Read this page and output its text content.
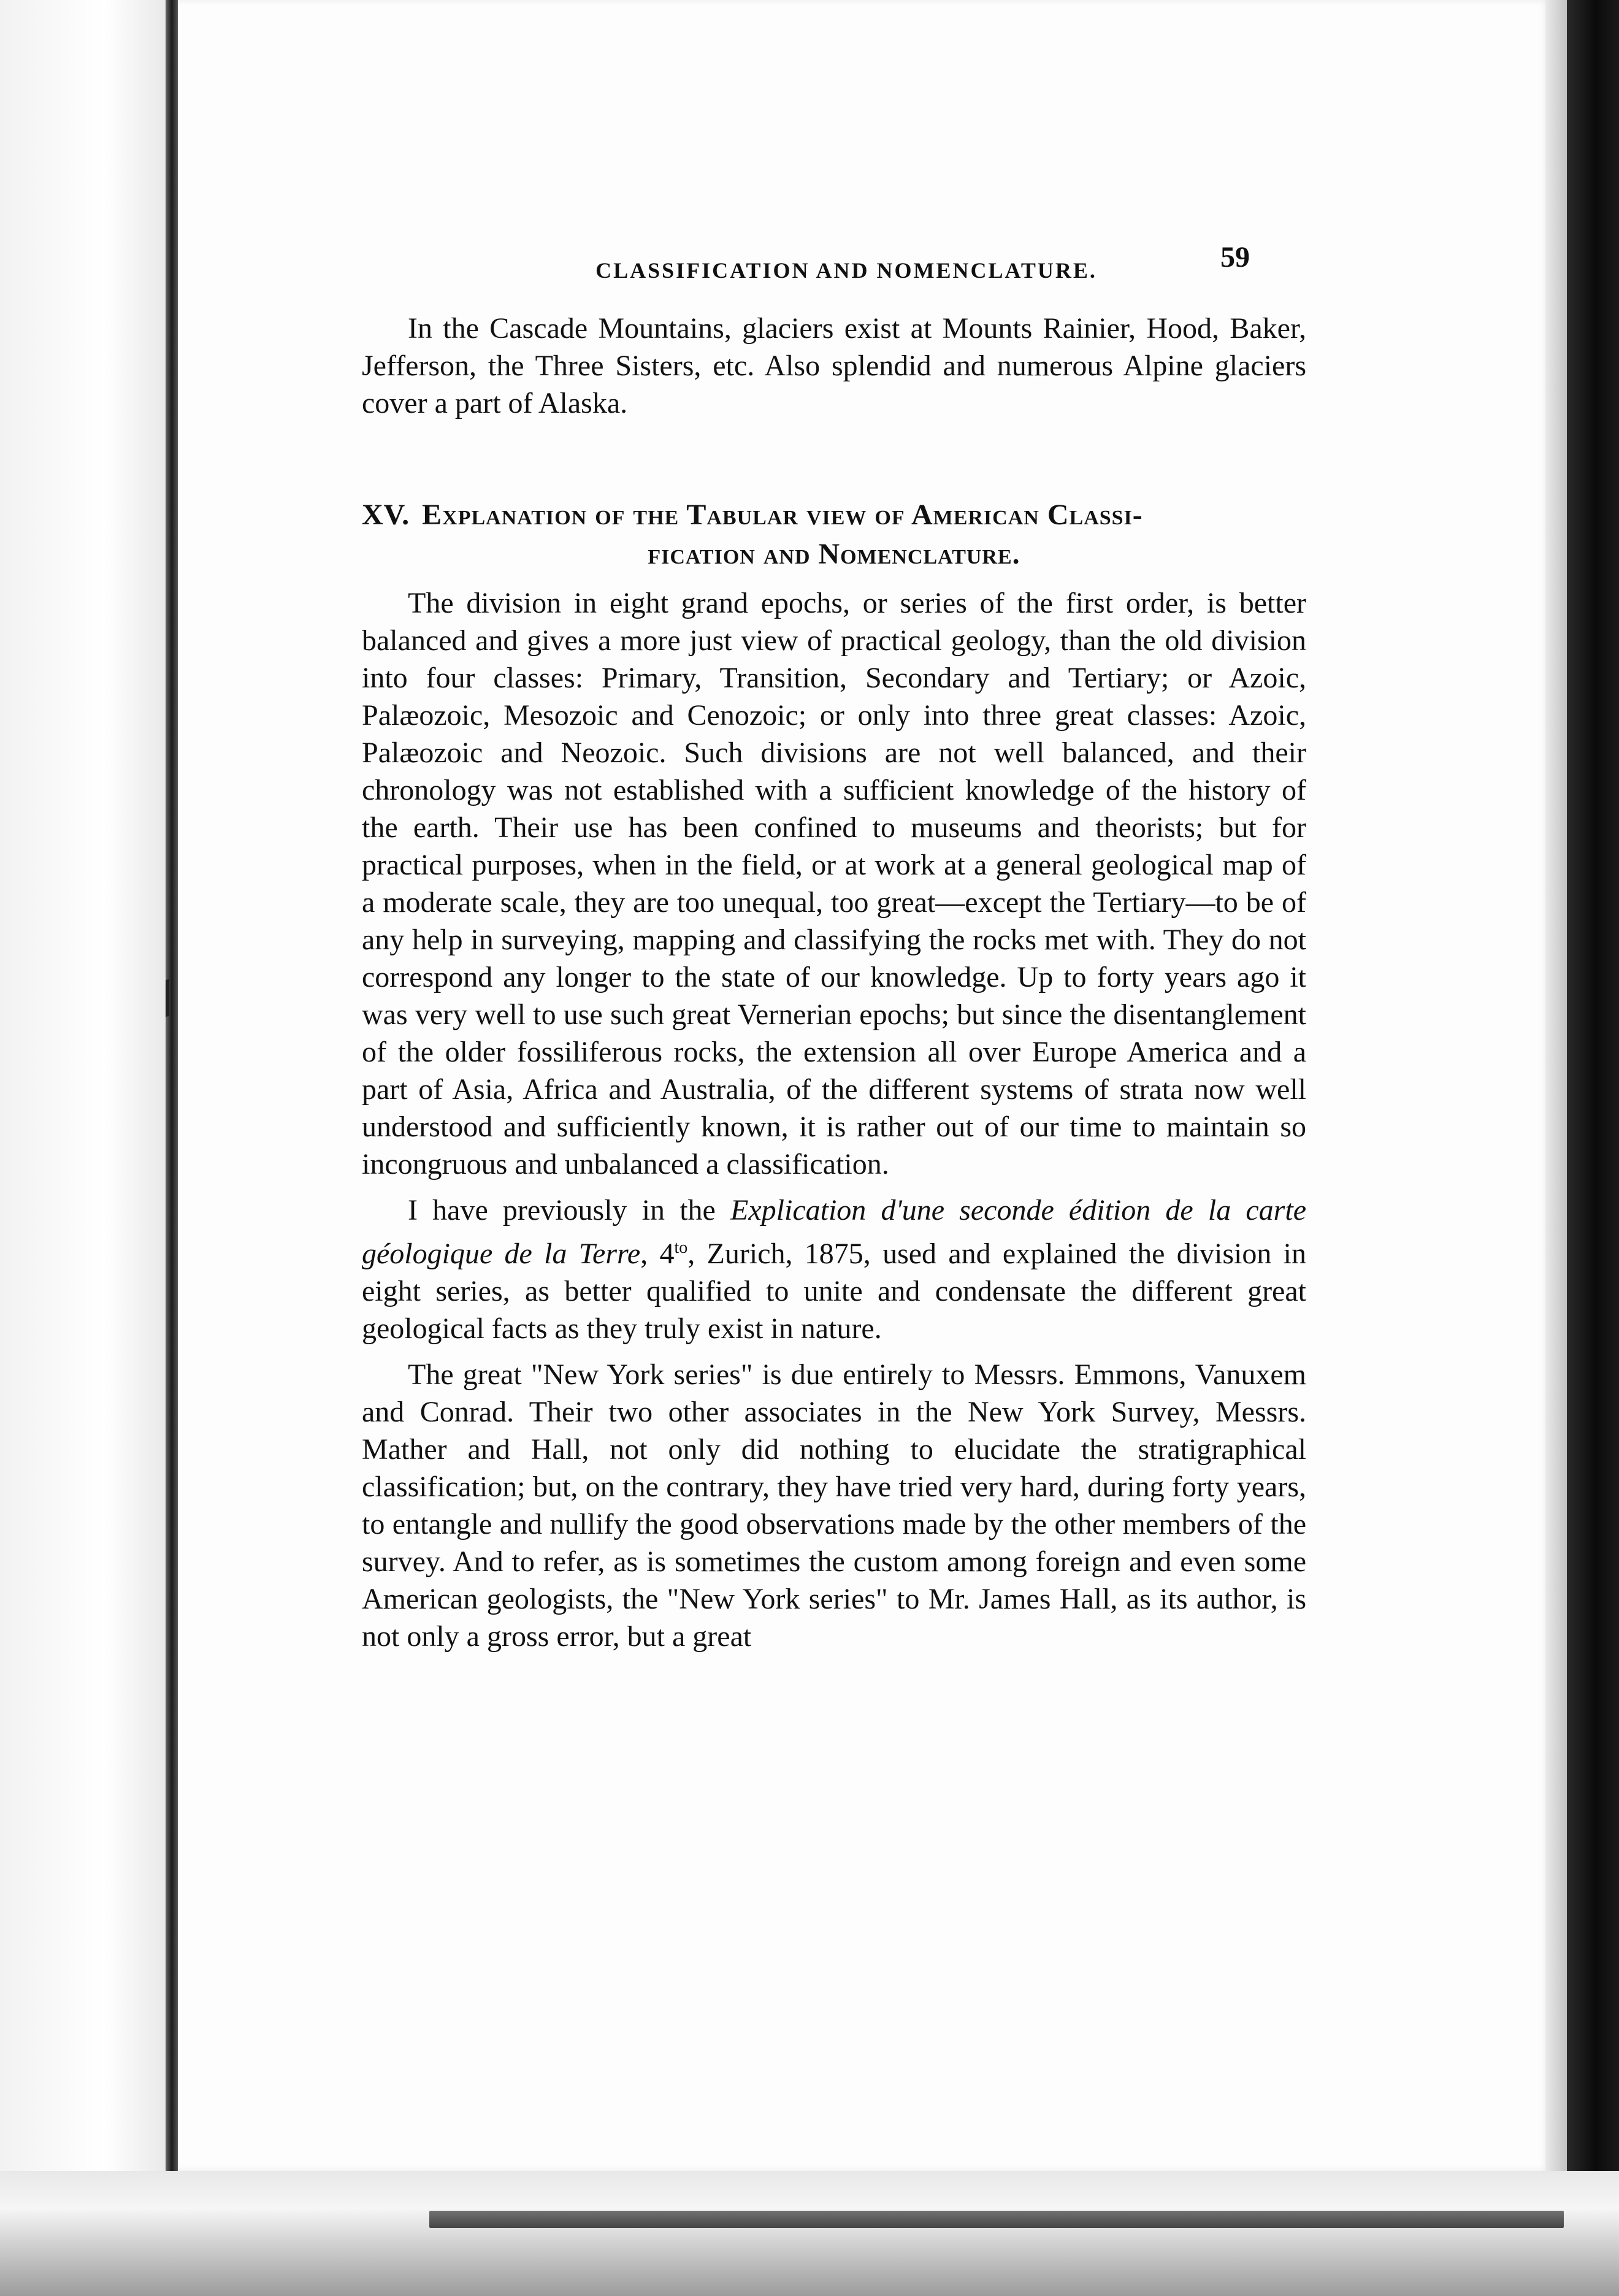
CLASSIFICATION AND NOMENCLATURE.	59

In the Cascade Mountains, glaciers exist at Mounts Rainier, Hood, Baker, Jefferson, the Three Sisters, etc. Also splendid and numerous Alpine glaciers cover a part of Alaska.

XV. Explanation of the Tabular view of American Classi-
fication and Nomenclature.

The division in eight grand epochs, or series of the first order, is better balanced and gives a more just view of practical geology, than the old division into four classes: Primary, Transition, Secondary and Tertiary; or Azoic, Palæozoic, Mesozoic and Cenozoic; or only into three great classes: Azoic, Palæozoic and Neozoic. Such divisions are not well balanced, and their chronology was not established with a sufficient knowledge of the history of the earth. Their use has been confined to museums and theorists; but for practical purposes, when in the field, or at work at a general geological map of a moderate scale, they are too unequal, too great—except the Tertiary—to be of any help in surveying, mapping and classifying the rocks met with. They do not correspond any longer to the state of our knowledge. Up to forty years ago it was very well to use such great Vernerian epochs; but since the disentanglement of the older fossiliferous rocks, the extension all over Europe America and a part of Asia, Africa and Australia, of the different systems of strata now well understood and sufficiently known, it is rather out of our time to maintain so incongruous and unbalanced a classification.

I have previously in the Explication d'une seconde édition de la carte géologique de la Terre, $4^{to}$, Zurich, 1875, used and explained the division in eight series, as better qualified to unite and condensate the different great geological facts as they truly exist in nature.

The great "New York series" is due entirely to Messrs. Emmons, Vanuxem and Conrad. Their two other associates in the New York Survey, Messrs. Mather and Hall, not only did nothing to elucidate the stratigraphical classification; but, on the contrary, they have tried very hard, during forty years, to entangle and nullify the good observations made by the other members of the survey. And to refer, as is sometimes the custom among foreign and even some American geologists, the "New York series" to Mr. James Hall, as its author, is not only a gross error, but a great
